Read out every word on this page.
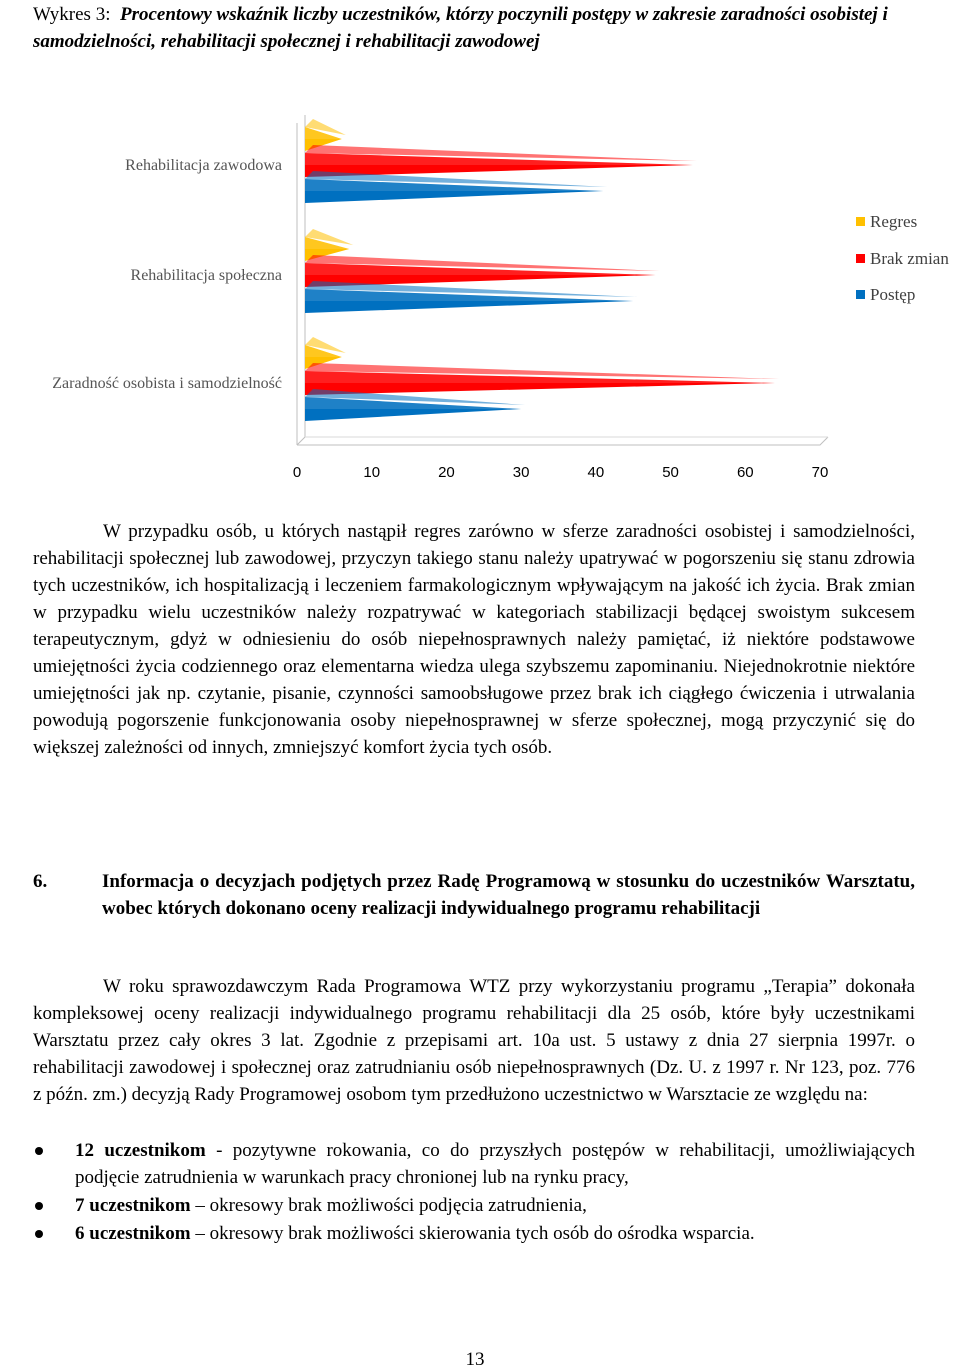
Wykres 3: Procentowy wskaźnik liczby uczestników, którzy poczynili postępy w zakresie zaradności osobistej i samodzielności, rehabilitacji społecznej i rehabilitacji zawodowej
0	10	20	30	40	50	60	70
Rehabilitacja zawodowa
Rehabilitacja społeczna
Zaradność osobista i samodzielność
Regres
Brak zmian
Postęp
W przypadku osób, u których nastąpił regres zarówno w sferze zaradności osobistej i samodzielności, rehabilitacji społecznej lub zawodowej, przyczyn takiego stanu należy upatrywać w pogorszeniu się stanu zdrowia tych uczestników, ich hospitalizacją i leczeniem farmakologicznym wpływającym na jakość ich życia. Brak zmian w przypadku wielu uczestników należy rozpatrywać w kategoriach stabilizacji będącej swoistym sukcesem terapeutycznym, gdyż w odniesieniu do osób niepełnosprawnych należy pamiętać, iż niektóre podstawowe umiejętności życia codziennego oraz elementarna wiedza ulega szybszemu zapominaniu. Niejednokrotnie niektóre umiejętności jak np. czytanie, pisanie, czynności samoobsługowe przez brak ich ciągłego ćwiczenia i utrwalania powodują pogorszenie funkcjonowania osoby niepełnosprawnej w sferze społecznej, mogą przyczynić się do większej zależności od innych, zmniejszyć komfort życia tych osób.
6.	Informacja o decyzjach podjętych przez Radę Programową w stosunku do uczestników Warsztatu, wobec których dokonano oceny realizacji indywidualnego programu rehabilitacji
W roku sprawozdawczym Rada Programowa WTZ przy wykorzystaniu programu „Terapia” dokonała kompleksowej oceny realizacji indywidualnego programu rehabilitacji dla 25 osób, które były uczestnikami Warsztatu przez cały okres 3 lat. Zgodnie z przepisami art. 10a ust. 5 ustawy z dnia 27 sierpnia 1997r. o rehabilitacji zawodowej i społecznej oraz zatrudnianiu osób niepełnosprawnych (Dz. U. z 1997 r. Nr 123, poz. 776 z późn. zm.) decyzją Rady Programowej osobom tym przedłużono uczestnictwo w Warsztacie ze względu na:
12 uczestnikom - pozytywne rokowania, co do przyszłych postępów w rehabilitacji, umożliwiających podjęcie zatrudnienia w warunkach pracy chronionej lub na rynku pracy,
7 uczestnikom – okresowy brak możliwości podjęcia zatrudnienia,
6 uczestnikom – okresowy brak możliwości skierowania tych osób do ośrodka wsparcia.
13
